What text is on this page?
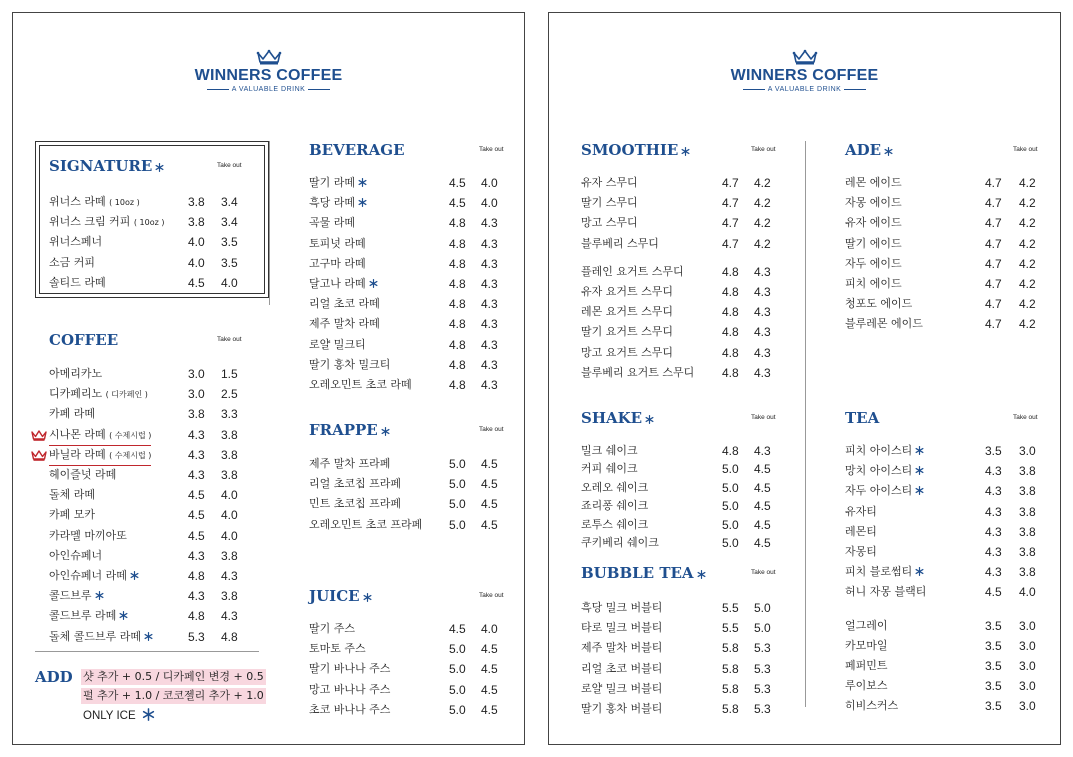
WINNERS COFFEE
A VALUABLE DRINK
SIGNATURE	Take out
위너스 라떼 ( 10oz )	3.8 3.4
위너스 크림 커피 ( 10oz ) 3.8 3.4
위너스페너	4.0 3.5
소금 커피	4.0 3.5
솔티드 라떼	4.5 4.0
COFFEE	Take out
아메리카노	3.0 1.5
디카페리노 ( 디카페인 )	3.0 2.5
카페 라떼	3.8 3.3
시나몬 라떼 ( 수제시럽 )	4.3 3.8
바닐라 라떼 ( 수제시럽 )	4.3 3.8
헤이즐넛 라떼	4.3 3.8
돌체 라떼	4.5 4.0
카페 모카	4.5 4.0
카라멜 마끼아또	4.5 4.0
아인슈페너	4.3 3.8
아인슈페너 라떼	4.8 4.3
콜드브루	4.3 3.8
콜드브루 라떼	4.8 4.3
돌체 콜드브루 라떼	5.3 4.8
BEVERAGE	Take out
딸기 라떼	4.5 4.0
흑당 라떼	4.5 4.0
곡물 라떼	4.8 4.3
토피넛 라떼	4.8 4.3
고구마 라떼	4.8 4.3
달고나 라떼	4.8 4.3
리얼 초코 라떼	4.8 4.3
제주 말차 라떼	4.8 4.3
로얄 밀크티	4.8 4.3
딸기 홍차 밀크티	4.8 4.3
오레오민트 초코 라떼	4.8 4.3
FRAPPE	Take out
제주 말차 프라페	5.0 4.5
리얼 초코칩 프라페	5.0 4.5
민트 초코칩 프라페	5.0 4.5
오레오민트 초코 프라페 5.0 4.5
JUICE	Take out
딸기 주스	4.5 4.0
토마토 주스	5.0 4.5
딸기 바나나 주스	5.0 4.5
망고 바나나 주스	5.0 4.5
초코 바나나 주스	5.0 4.5
ADD 샷 추가 + 0.5 / 디카페인 변경 + 0.5
펄 추가 + 1.0 / 코코젤리 추가 + 1.0
ONLY ICE
WINNERS COFFEE
A VALUABLE DRINK
SMOOTHIE	Take out
유자 스무디	4.7 4.2
딸기 스무디	4.7 4.2
망고 스무디	4.7 4.2
블루베리 스무디	4.7 4.2
플레인 요거트 스무디	4.8 4.3
유자 요거트 스무디	4.8 4.3
레몬 요거트 스무디	4.8 4.3
딸기 요거트 스무디	4.8 4.3
망고 요거트 스무디	4.8 4.3
블루베리 요거트 스무디 4.8 4.3
SHAKE	Take out
밀크 쉐이크	4.8 4.3
커피 쉐이크	5.0 4.5
오레오 쉐이크	5.0 4.5
죠리퐁 쉐이크	5.0 4.5
로투스 쉐이크	5.0 4.5
쿠키베리 쉐이크	5.0 4.5
BUBBLE TEA	Take out
흑당 밀크 버블티	5.5 5.0
타로 밀크 버블티	5.5 5.0
제주 말차 버블티	5.8 5.3
리얼 초코 버블티	5.8 5.3
로얄 밀크 버블티	5.8 5.3
딸기 홍차 버블티	5.8 5.3
ADE	Take out
레몬 에이드	4.7 4.2
자몽 에이드	4.7 4.2
유자 에이드	4.7 4.2
딸기 에이드	4.7 4.2
자두 에이드	4.7 4.2
피치 에이드	4.7 4.2
청포도 에이드	4.7 4.2
블루레몬 에이드	4.7 4.2
TEA	Take out
피치 아이스티	3.5 3.0
망치 아이스티	4.3 3.8
자두 아이스티	4.3 3.8
유자티	4.3 3.8
레몬티	4.3 3.8
자몽티	4.3 3.8
피치 블로썸티	4.3 3.8
허니 자몽 블랙티	4.5 4.0
얼그레이	3.5 3.0
카모마일	3.5 3.0
페퍼민트	3.5 3.0
루이보스	3.5 3.0
히비스커스	3.5 3.0
